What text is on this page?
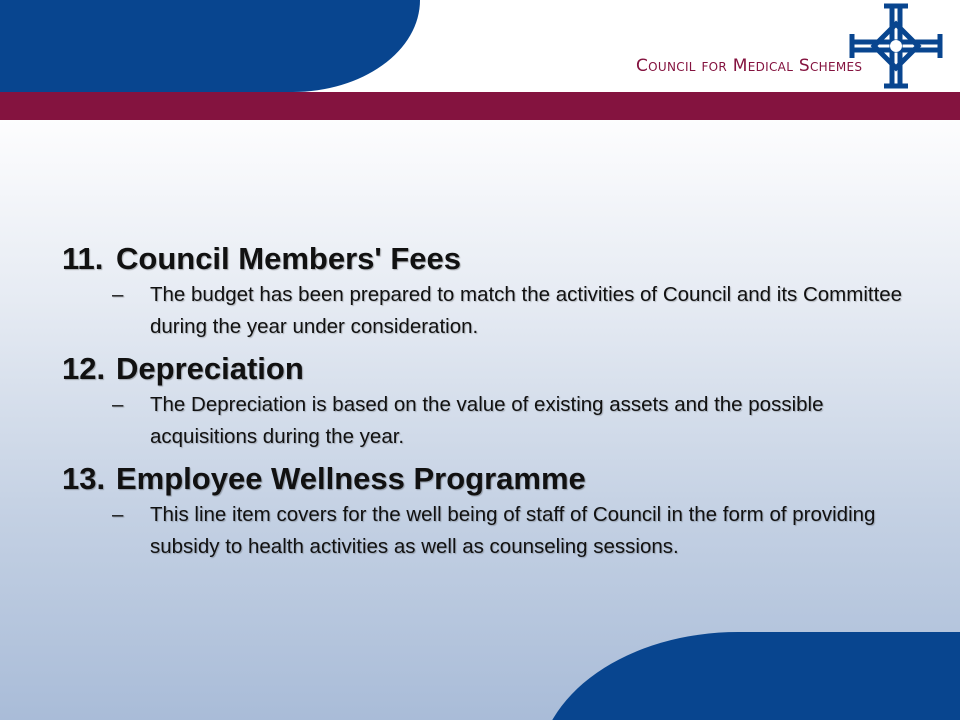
Council for Medical Schemes
11. Council Members' Fees
– The budget has been prepared to match the activities of Council and its Committee during the year under consideration.
12. Depreciation
– The Depreciation is based on the value of existing assets and the possible acquisitions during the year.
13. Employee Wellness Programme
– This line item covers for the well being of staff of Council in the form of providing subsidy to health activities as well as counseling sessions.
